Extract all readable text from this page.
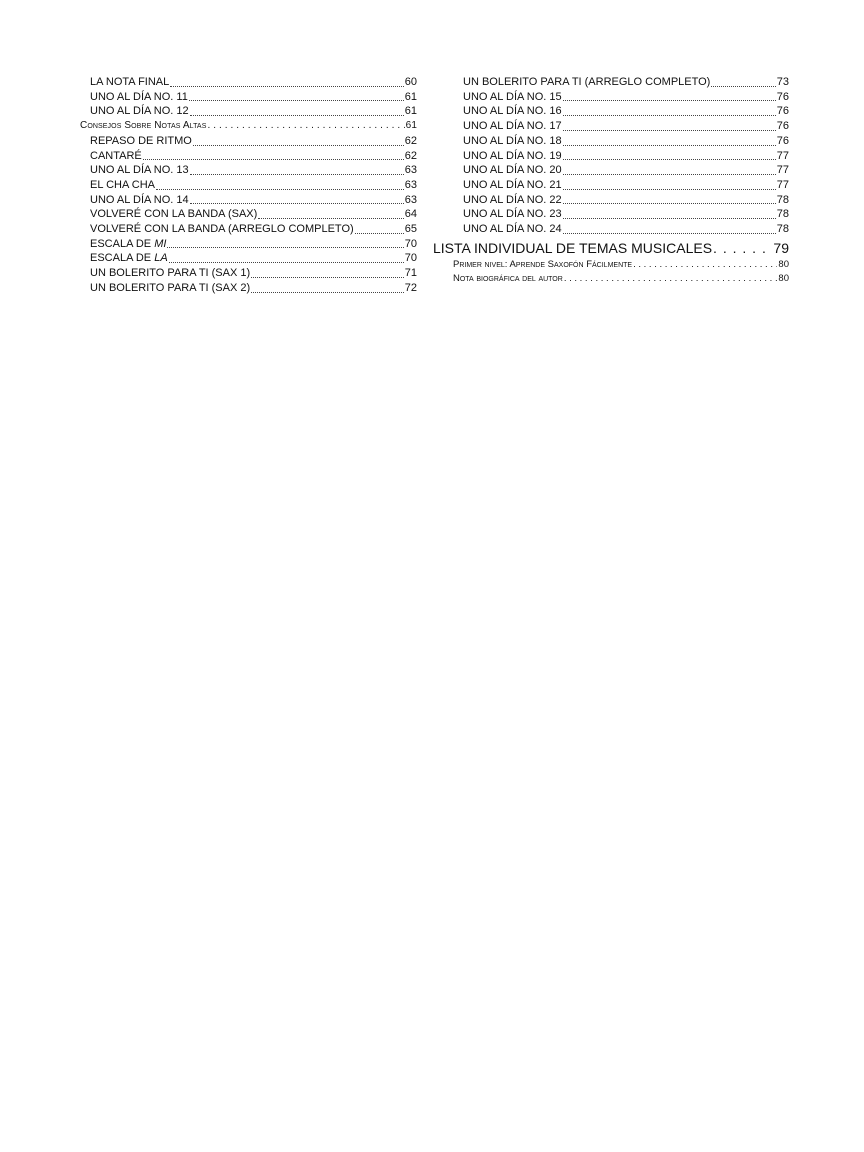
LA NOTA FINAL	60
UNO AL DÍA NO. 11	61
UNO AL DÍA NO. 12	61
Consejos Sobre Notas Altas . . .	61
REPASO DE RITMO	62
CANTARÉ	62
UNO AL DÍA NO. 13	63
EL CHA CHA	63
UNO AL DÍA NO. 14	63
VOLVERÉ CON LA BANDA (SAX)	64
VOLVERÉ CON LA BANDA (ARREGLO COMPLETO)	65
ESCALA DE MI	70
ESCALA DE LA	70
UN BOLERITO PARA TI (SAX 1)	71
UN BOLERITO PARA TI (SAX 2)	72
UN BOLERITO PARA TI (ARREGLO COMPLETO)	73
UNO AL DÍA NO. 15	76
UNO AL DÍA NO. 16	76
UNO AL DÍA NO. 17	76
UNO AL DÍA NO. 18	76
UNO AL DÍA NO. 19	77
UNO AL DÍA NO. 20	77
UNO AL DÍA NO. 21	77
UNO AL DÍA NO. 22	78
UNO AL DÍA NO. 23	78
UNO AL DÍA NO. 24	78
LISTA INDIVIDUAL DE TEMAS MUSICALES . . .	79
Primer nivel: Aprende Saxofón Fácilmente . . .	80
Nota biográfica del autor . . .	80
